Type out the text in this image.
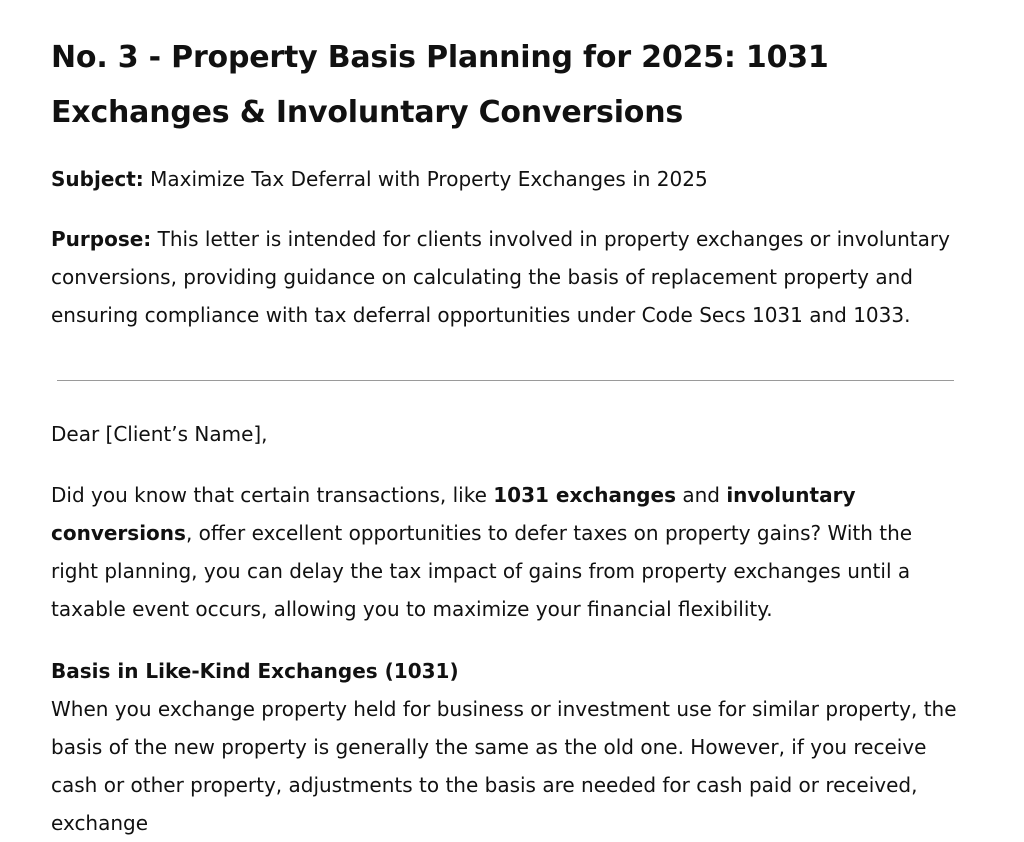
No. 3 - Property Basis Planning for 2025: 1031 Exchanges & Involuntary Conversions

Subject: Maximize Tax Deferral with Property Exchanges in 2025

Purpose: This letter is intended for clients involved in property exchanges or involuntary conversions, providing guidance on calculating the basis of replacement property and ensuring compliance with tax deferral opportunities under Code Secs 1031 and 1033.

Dear [Client’s Name],

Did you know that certain transactions, like 1031 exchanges and involuntary conversions, offer excellent opportunities to defer taxes on property gains? With the right planning, you can delay the tax impact of gains from property exchanges until a taxable event occurs, allowing you to maximize your financial flexibility.

Basis in Like-Kind Exchanges (1031)

When you exchange property held for business or investment use for similar property, the basis of the new property is generally the same as the old one. However, if you receive cash or other property, adjustments to the basis are needed for cash paid or received, exchange
